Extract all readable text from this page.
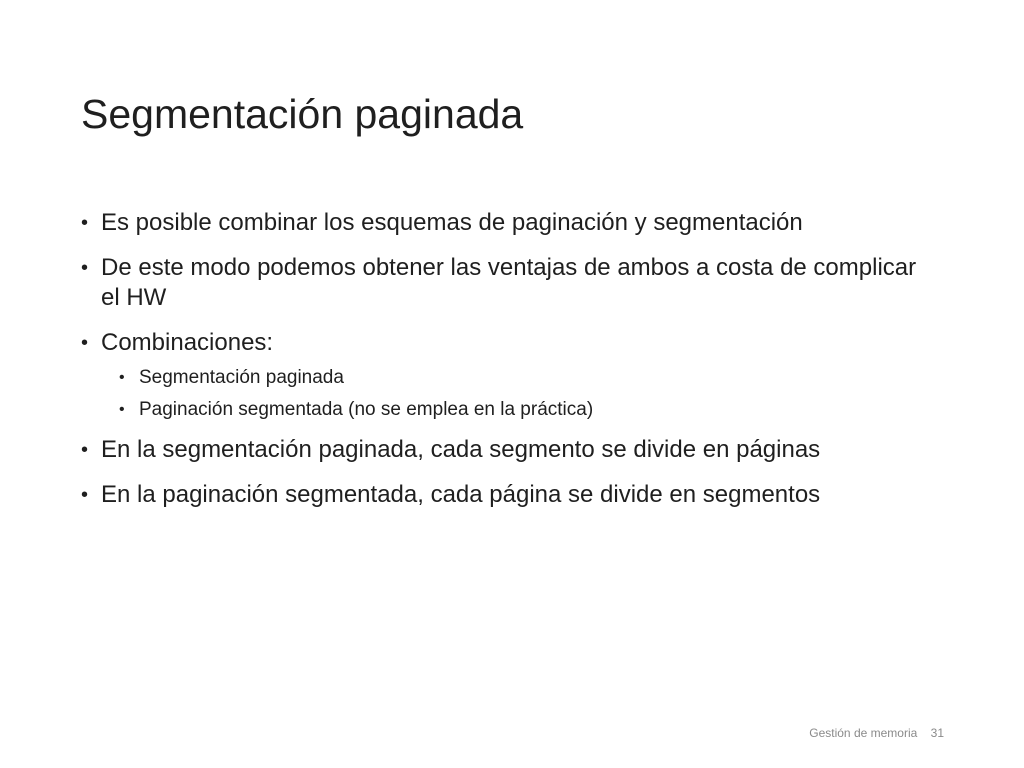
Segmentación paginada
• Es posible combinar los esquemas de paginación y segmentación
• De este modo podemos obtener las ventajas de ambos a costa de complicar el HW
• Combinaciones:
• Segmentación paginada
• Paginación segmentada (no se emplea en la práctica)
• En la segmentación paginada, cada segmento se divide en páginas
• En la paginación segmentada, cada página se divide en segmentos
Gestión de memoria 31
